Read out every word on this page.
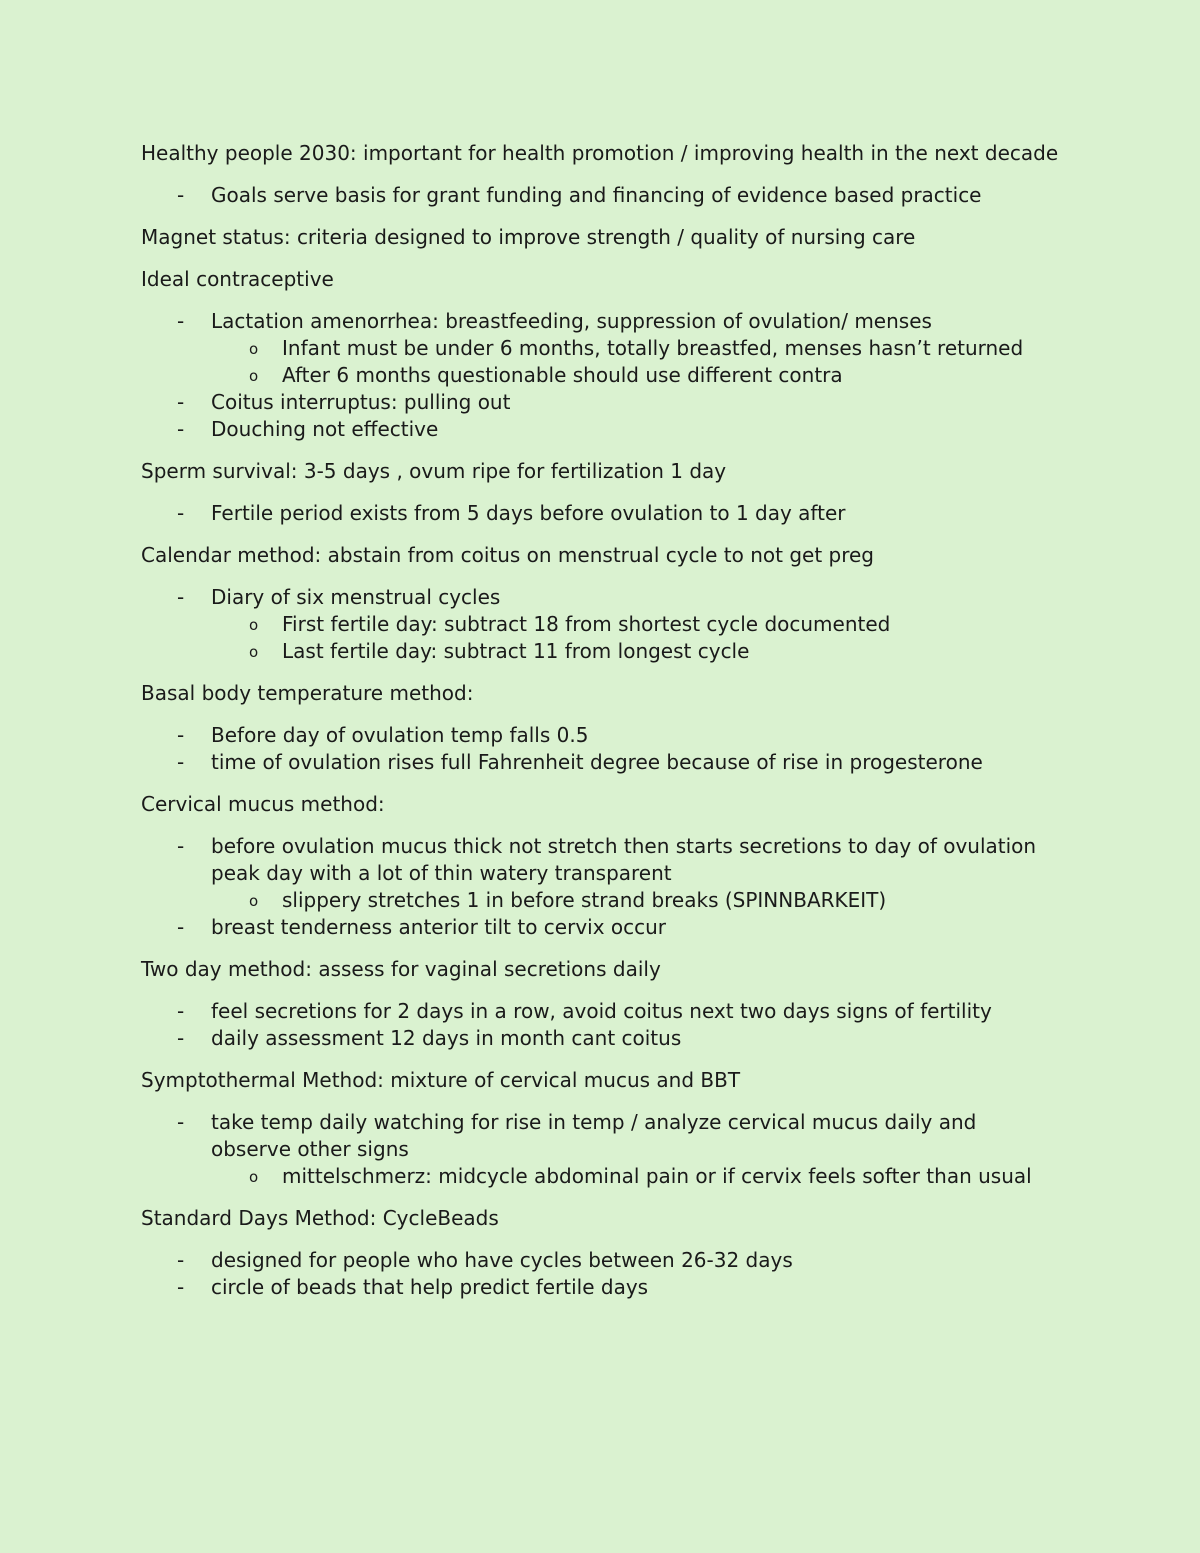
Healthy people 2030: important for health promotion / improving health in the next decade

- Goals serve basis for grant funding and financing of evidence based practice

Magnet status: criteria designed to improve strength / quality of nursing care

Ideal contraceptive

- Lactation amenorrhea: breastfeeding, suppression of ovulation/ menses
o Infant must be under 6 months, totally breastfed, menses hasn’t returned
o After 6 months questionable should use different contra
- Coitus interruptus: pulling out
- Douching not effective

Sperm survival: 3-5 days , ovum ripe for fertilization 1 day

- Fertile period exists from 5 days before ovulation to 1 day after

Calendar method: abstain from coitus on menstrual cycle to not get preg

- Diary of six menstrual cycles
o First fertile day: subtract 18 from shortest cycle documented
o Last fertile day: subtract 11 from longest cycle

Basal body temperature method:

- Before day of ovulation temp falls 0.5
- time of ovulation rises full Fahrenheit degree because of rise in progesterone

Cervical mucus method:

- before ovulation mucus thick not stretch then starts secretions to day of ovulation peak day with a lot of thin watery transparent
o slippery stretches 1 in before strand breaks (SPINNBARKEIT)
- breast tenderness anterior tilt to cervix occur

Two day method: assess for vaginal secretions daily

- feel secretions for 2 days in a row, avoid coitus next two days signs of fertility
- daily assessment 12 days in month cant coitus

Symptothermal Method: mixture of cervical mucus and BBT

- take temp daily watching for rise in temp / analyze cervical mucus daily and observe other signs
o mittelschmerz: midcycle abdominal pain or if cervix feels softer than usual

Standard Days Method: CycleBeads

- designed for people who have cycles between 26-32 days
- circle of beads that help predict fertile days
